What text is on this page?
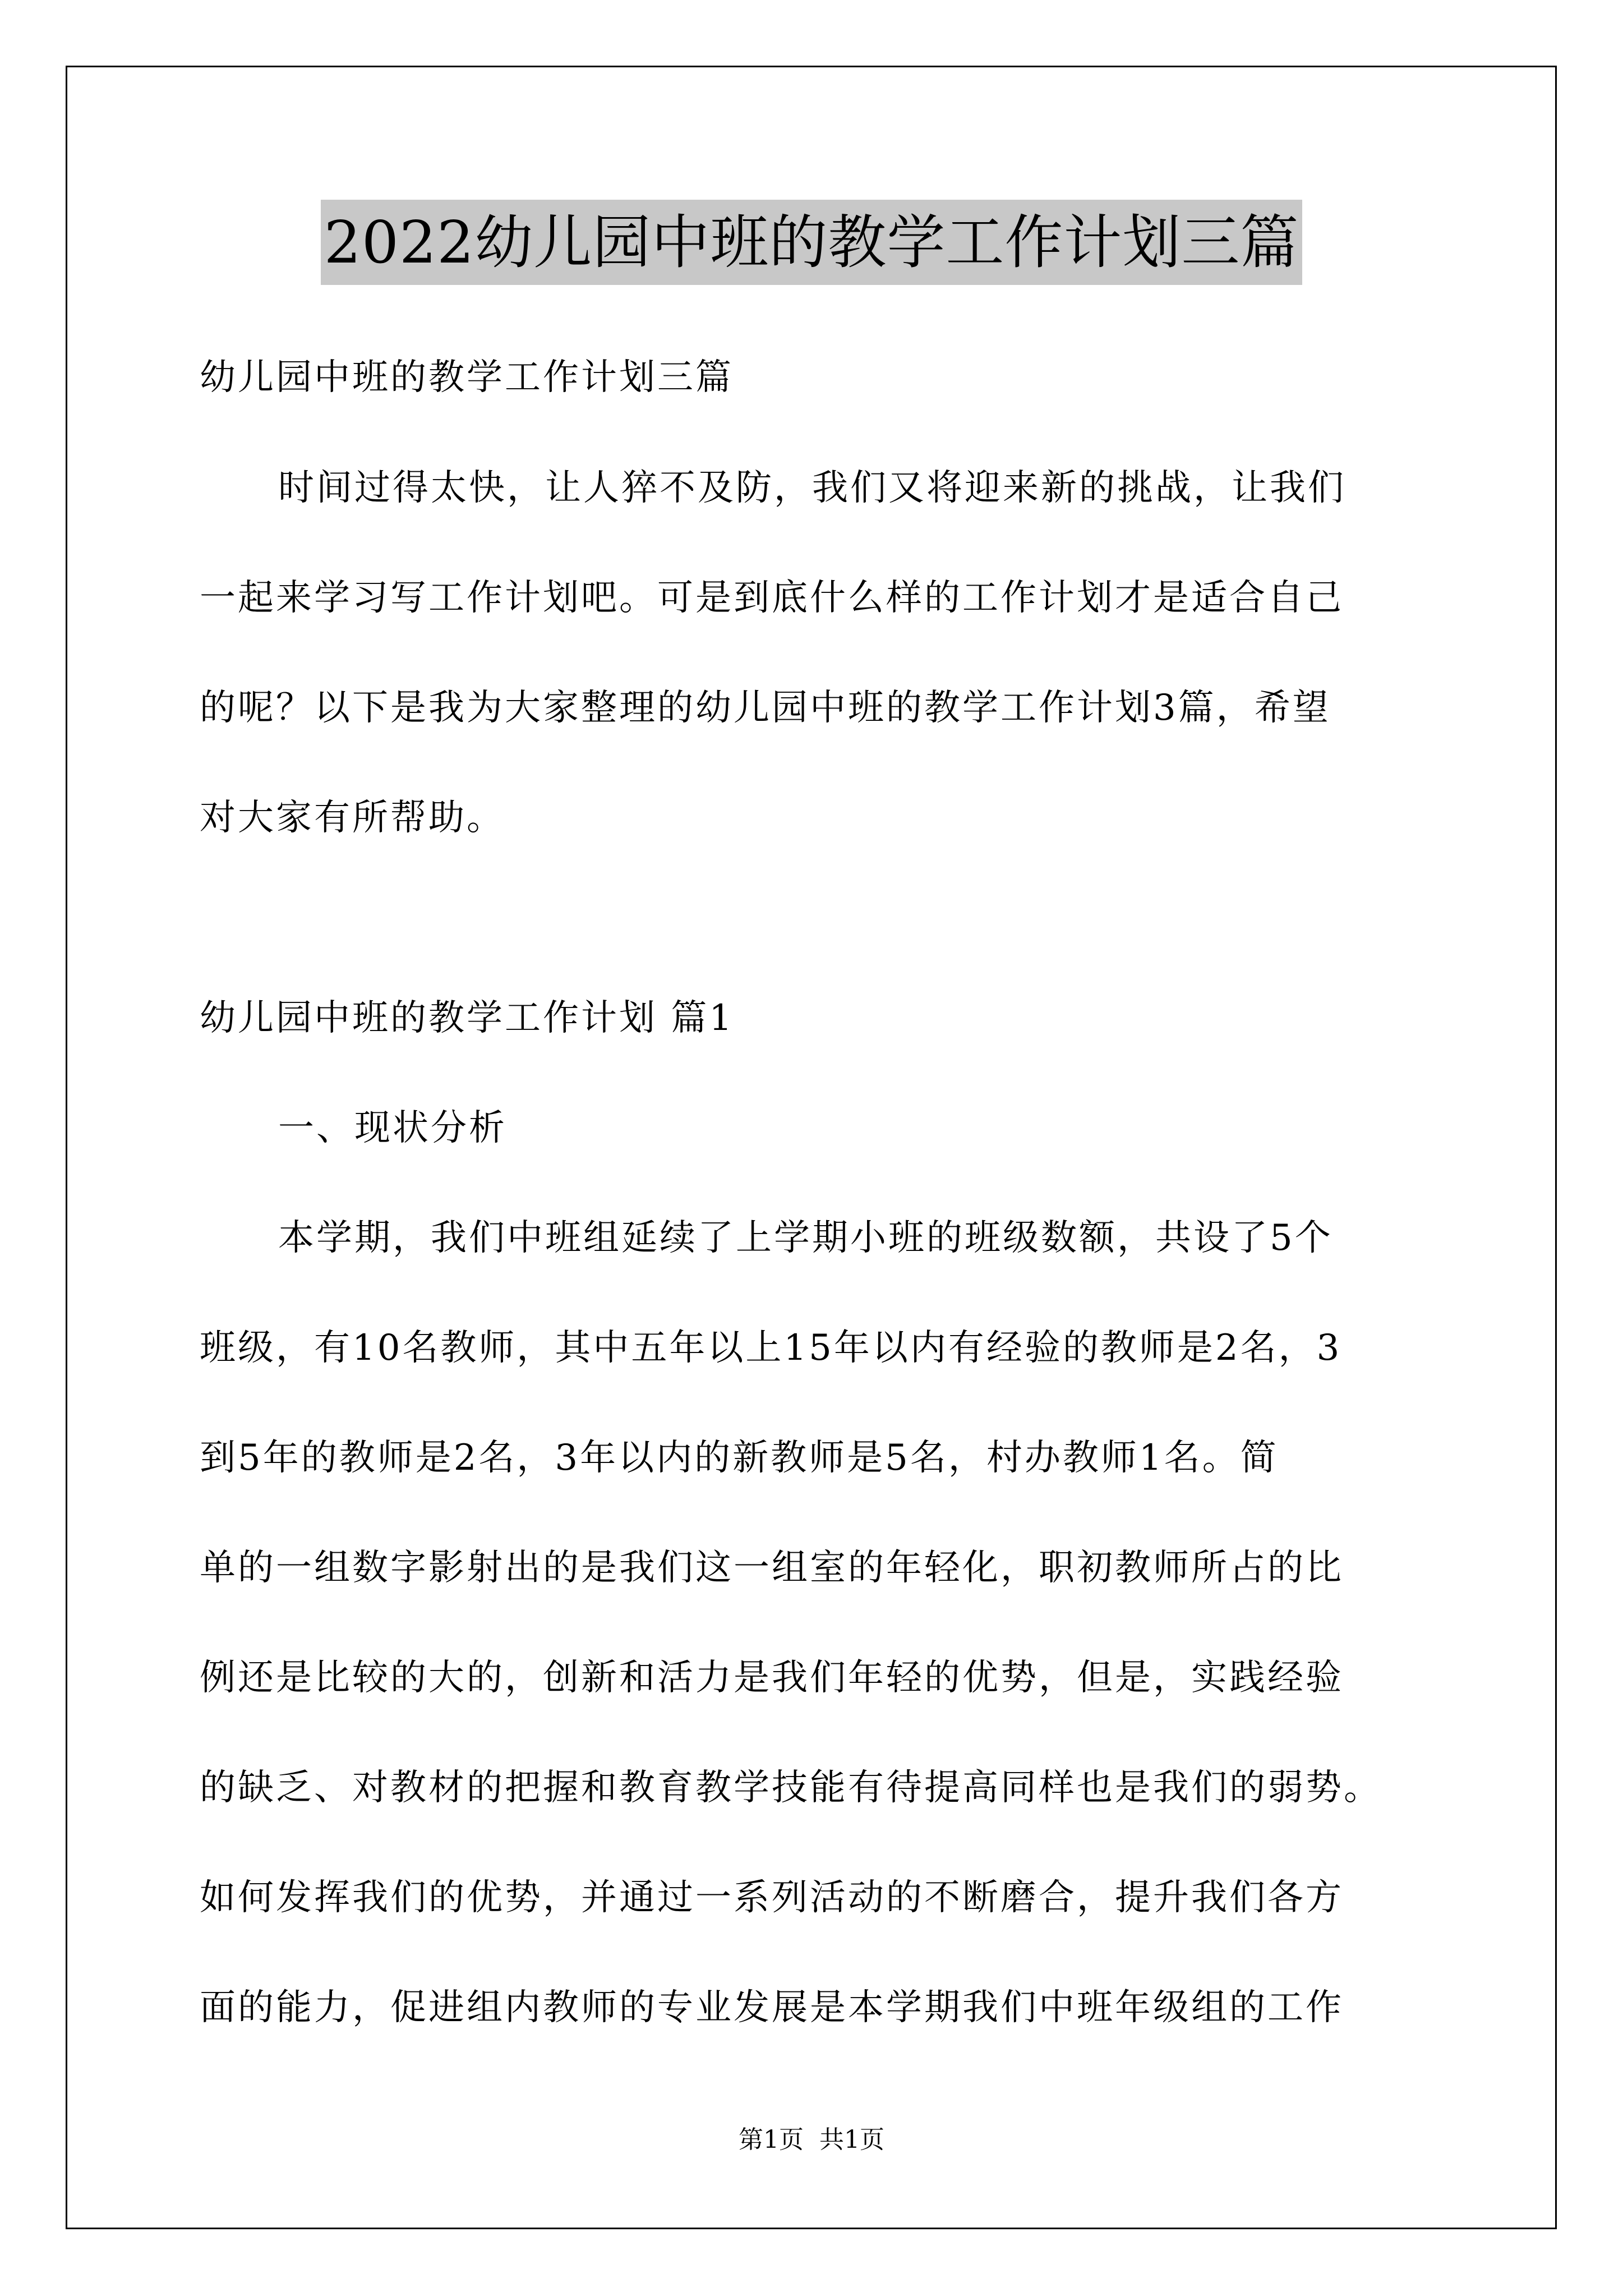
2022幼儿园中班的教学工作计划三篇
幼儿园中班的教学工作计划三篇
时间过得太快，让人猝不及防，我们又将迎来新的挑战，让我们
一起来学习写工作计划吧。可是到底什么样的工作计划才是适合自己
的呢？以下是我为大家整理的幼儿园中班的教学工作计划3篇，希望
对大家有所帮助。
幼儿园中班的教学工作计划 篇1
一、现状分析
本学期，我们中班组延续了上学期小班的班级数额，共设了5个
班级，有10名教师，其中五年以上15年以内有经验的教师是2名，3
到5年的教师是2名，3年以内的新教师是5名，村办教师1名。简
单的一组数字影射出的是我们这一组室的年轻化，职初教师所占的比
例还是比较的大的，创新和活力是我们年轻的优势，但是，实践经验
的缺乏、对教材的把握和教育教学技能有待提高同样也是我们的弱势。
如何发挥我们的优势，并通过一系列活动的不断磨合，提升我们各方
面的能力，促进组内教师的专业发展是本学期我们中班年级组的工作
第1页 共1页
